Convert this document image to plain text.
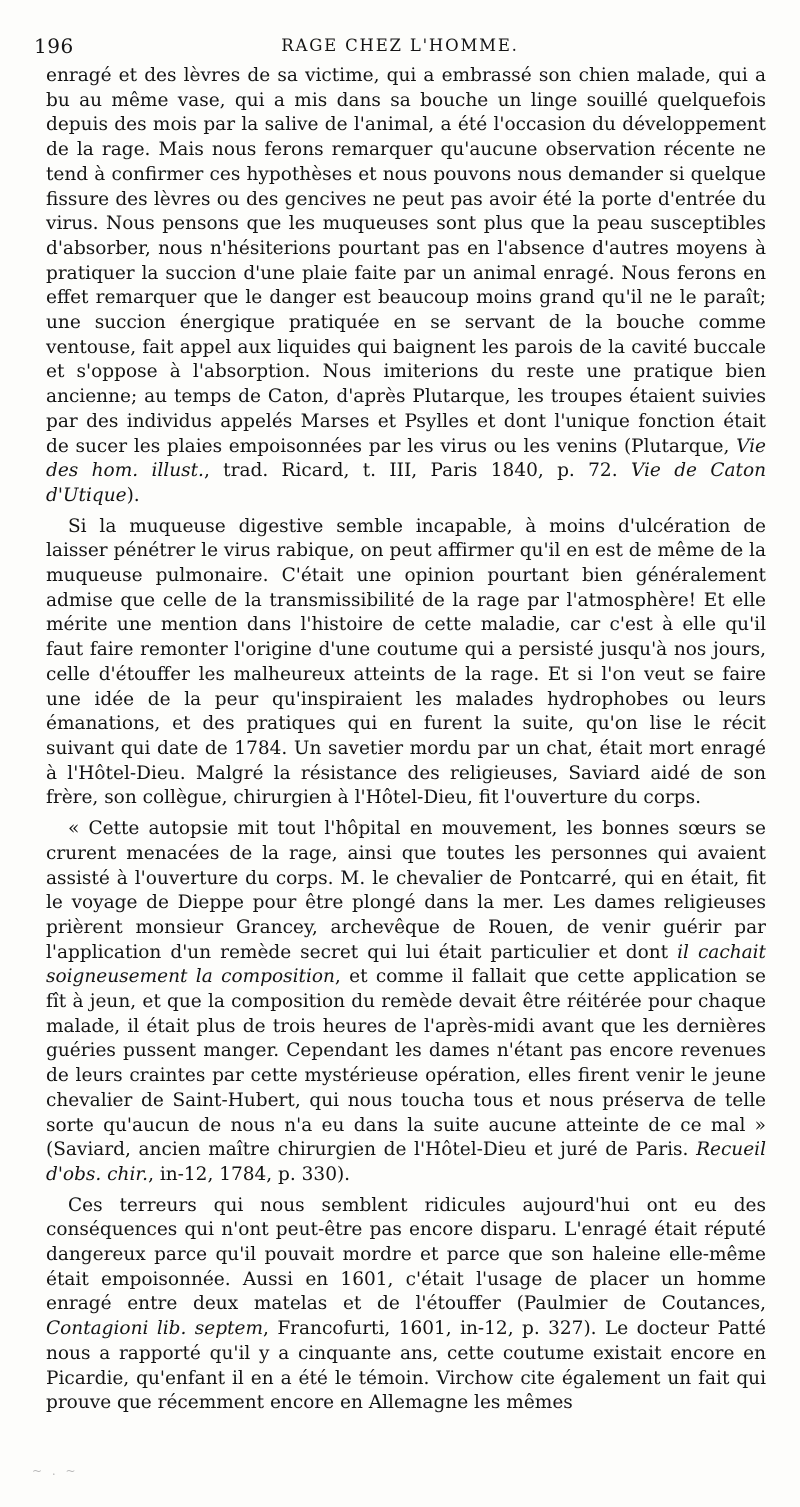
196	RAGE CHEZ L'HOMME.

enragé et des lèvres de sa victime, qui a embrassé son chien malade, qui a bu au même vase, qui a mis dans sa bouche un linge souillé quelquefois depuis des mois par la salive de l'animal, a été l'occasion du développement de la rage. Mais nous ferons remarquer qu'aucune observation récente ne tend à confirmer ces hypothèses et nous pouvons nous demander si quelque fissure des lèvres ou des gencives ne peut pas avoir été la porte d'entrée du virus. Nous pensons que les muqueuses sont plus que la peau susceptibles d'absorber, nous n'hésiterions pourtant pas en l'absence d'autres moyens à pratiquer la succion d'une plaie faite par un animal enragé. Nous ferons en effet remarquer que le danger est beaucoup moins grand qu'il ne le paraît; une succion énergique pratiquée en se servant de la bouche comme ventouse, fait appel aux liquides qui baignent les parois de la cavité buccale et s'oppose à l'absorption. Nous imiterions du reste une pratique bien ancienne; au temps de Caton, d'après Plutarque, les troupes étaient suivies par des individus appelés Marses et Psylles et dont l'unique fonction était de sucer les plaies empoisonnées par les virus ou les venins (Plutarque, Vie des hom. illust., trad. Ricard, t. III, Paris 1840, p. 72. Vie de Caton d'Utique).

Si la muqueuse digestive semble incapable, à moins d'ulcération de laisser pénétrer le virus rabique, on peut affirmer qu'il en est de même de la muqueuse pulmonaire. C'était une opinion pourtant bien généralement admise que celle de la transmissibilité de la rage par l'atmosphère! Et elle mérite une mention dans l'histoire de cette maladie, car c'est à elle qu'il faut faire remonter l'origine d'une coutume qui a persisté jusqu'à nos jours, celle d'étouffer les malheureux atteints de la rage. Et si l'on veut se faire une idée de la peur qu'inspiraient les malades hydrophobes ou leurs émanations, et des pratiques qui en furent la suite, qu'on lise le récit suivant qui date de 1784. Un savetier mordu par un chat, était mort enragé à l'Hôtel-Dieu. Malgré la résistance des religieuses, Saviard aidé de son frère, son collègue, chirurgien à l'Hôtel-Dieu, fit l'ouverture du corps.

« Cette autopsie mit tout l'hôpital en mouvement, les bonnes sœurs se crurent menacées de la rage, ainsi que toutes les personnes qui avaient assisté à l'ouverture du corps. M. le chevalier de Pontcarré, qui en était, fit le voyage de Dieppe pour être plongé dans la mer. Les dames religieuses prièrent monsieur Grancey, archevêque de Rouen, de venir guérir par l'application d'un remède secret qui lui était particulier et dont il cachait soigneusement la composition, et comme il fallait que cette application se fît à jeun, et que la composition du remède devait être réitérée pour chaque malade, il était plus de trois heures de l'après-midi avant que les dernières guéries pussent manger. Cependant les dames n'étant pas encore revenues de leurs craintes par cette mystérieuse opération, elles firent venir le jeune chevalier de Saint-Hubert, qui nous toucha tous et nous préserva de telle sorte qu'aucun de nous n'a eu dans la suite aucune atteinte de ce mal » (Saviard, ancien maître chirurgien de l'Hôtel-Dieu et juré de Paris. Recueil d'obs. chir., in-12, 1784, p. 330).

Ces terreurs qui nous semblent ridicules aujourd'hui ont eu des conséquences qui n'ont peut-être pas encore disparu. L'enragé était réputé dangereux parce qu'il pouvait mordre et parce que son haleine elle-même était empoisonnée. Aussi en 1601, c'était l'usage de placer un homme enragé entre deux matelas et de l'étouffer (Paulmier de Coutances, Contagioni lib. septem, Francofurti, 1601, in-12, p. 327). Le docteur Patté nous a rapporté qu'il y a cinquante ans, cette coutume existait encore en Picardie, qu'enfant il en a été le témoin. Virchow cite également un fait qui prouve que récemment encore en Allemagne les mêmes

~ . ~
